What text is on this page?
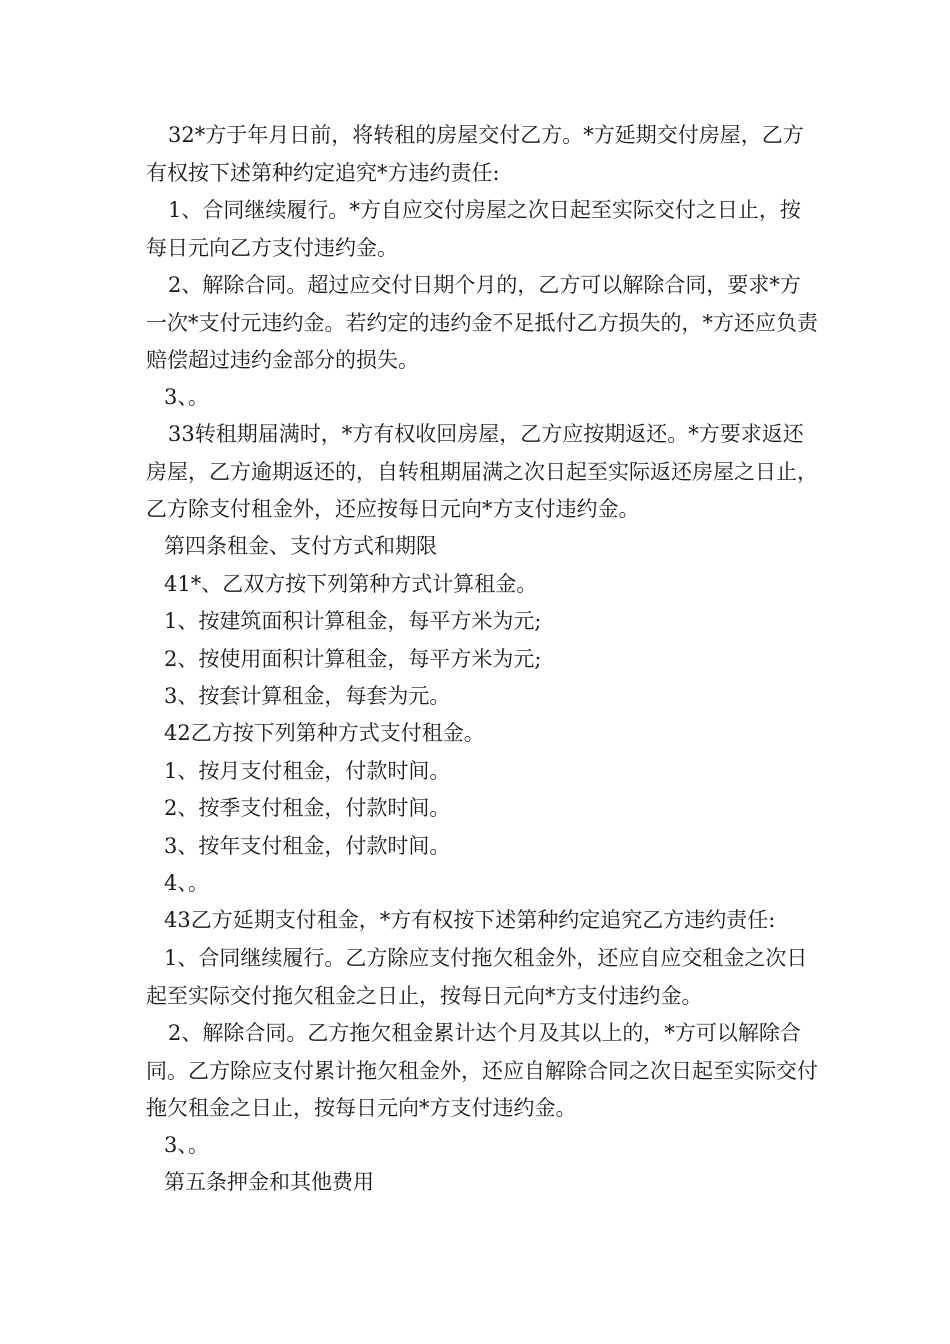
32*方于年月日前，将转租的房屋交付乙方。*方延期交付房屋，乙方有权按下述第种约定追究*方违约责任:

1、合同继续履行。*方自应交付房屋之次日起至实际交付之日止，按每日元向乙方支付违约金。

2、解除合同。超过应交付日期个月的，乙方可以解除合同，要求*方一次*支付元违约金。若约定的违约金不足抵付乙方损失的，*方还应负责赔偿超过违约金部分的损失。

3、。

33转租期届满时，*方有权收回房屋，乙方应按期返还。*方要求返还房屋，乙方逾期返还的，自转租期届满之次日起至实际返还房屋之日止，乙方除支付租金外，还应按每日元向*方支付违约金。

第四条租金、支付方式和期限

41*、乙双方按下列第种方式计算租金。

1、按建筑面积计算租金，每平方米为元;

2、按使用面积计算租金，每平方米为元;

3、按套计算租金，每套为元。

42乙方按下列第种方式支付租金。

1、按月支付租金，付款时间。

2、按季支付租金，付款时间。

3、按年支付租金，付款时间。

4、。

43乙方延期支付租金，*方有权按下述第种约定追究乙方违约责任:

1、合同继续履行。乙方除应支付拖欠租金外，还应自应交租金之次日起至实际交付拖欠租金之日止，按每日元向*方支付违约金。

2、解除合同。乙方拖欠租金累计达个月及其以上的，*方可以解除合同。乙方除应支付累计拖欠租金外，还应自解除合同之次日起至实际交付拖欠租金之日止，按每日元向*方支付违约金。

3、。

第五条押金和其他费用
